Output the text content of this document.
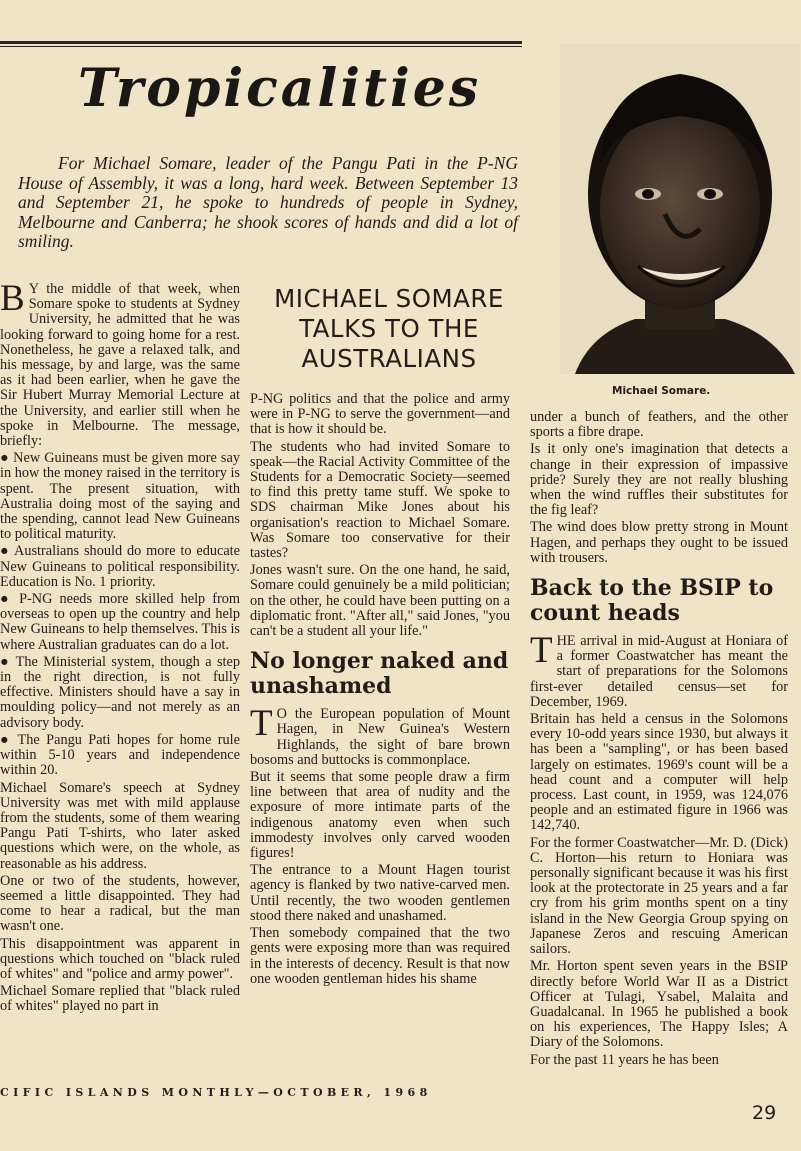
Tropicalities
For Michael Somare, leader of the Pangu Pati in the P-NG House of Assembly, it was a long, hard week. Between September 13 and September 21, he spoke to hundreds of people in Sydney, Melbourne and Canberra; he shook scores of hands and did a lot of smiling.
Michael Somare.

B Y the middle of that week, when Somare spoke to students at Sydney University, he admitted that he was looking forward to going home for a rest. Nonetheless, he gave a relaxed talk, and his message, by and large, was the same as it had been earlier, when he gave the Sir Hubert Murray Memorial Lecture at the University, and earlier still when he spoke in Melbourne. The message, briefly:

● New Guineans must be given more say in how the money raised in the territory is spent. The present situation, with Australia doing most of the saying and the spending, cannot lead New Guineans to political maturity.

● Australians should do more to educate New Guineans to political responsibility. Education is No. 1 priority.

● P-NG needs more skilled help from overseas to open up the country and help New Guineans to help themselves. This is where Australian graduates can do a lot.

● The Ministerial system, though a step in the right direction, is not fully effective. Ministers should have a say in moulding policy—and not merely as an advisory body.

● The Pangu Pati hopes for home rule within 5-10 years and independence within 20.

Michael Somare's speech at Sydney University was met with mild applause from the students, some of them wearing Pangu Pati T-shirts, who later asked questions which were, on the whole, as reasonable as his address.

One or two of the students, however, seemed a little disappointed. They had come to hear a radical, but the man wasn't one.

This disappointment was apparent in questions which touched on "black ruled of whites" and "police and army power".

Michael Somare replied that "black ruled of whites" played no part in

MICHAEL SOMARE TALKS TO THE AUSTRALIANS

P-NG politics and that the police and army were in P-NG to serve the government—and that is how it should be.

The students who had invited Somare to speak—the Racial Activity Committee of the Students for a Democratic Society—seemed to find this pretty tame stuff. We spoke to SDS chairman Mike Jones about his organisation's reaction to Michael Somare. Was Somare too conservative for their tastes?

Jones wasn't sure. On the one hand, he said, Somare could genuinely be a mild politician; on the other, he could have been putting on a diplomatic front. "After all," said Jones, "you can't be a student all your life."

No longer naked and unashamed

T O the European population of Mount Hagen, in New Guinea's Western Highlands, the sight of bare brown bosoms and buttocks is commonplace.

But it seems that some people draw a firm line between that area of nudity and the exposure of more intimate parts of the indigenous anatomy even when such immodesty involves only carved wooden figures!

The entrance to a Mount Hagen tourist agency is flanked by two native-carved men. Until recently, the two wooden gentlemen stood there naked and unashamed.

Then somebody compained that the two gents were exposing more than was required in the interests of decency. Result is that now one wooden gentleman hides his shame

under a bunch of feathers, and the other sports a fibre drape.

Is it only one's imagination that detects a change in their expression of impassive pride? Surely they are not really blushing when the wind ruffles their substitutes for the fig leaf?

The wind does blow pretty strong in Mount Hagen, and perhaps they ought to be issued with trousers.

Back to the BSIP to count heads

THE arrival in mid-August at Honiara of a former Coastwatcher has meant the start of preparations for the Solomons first-ever detailed census—set for December, 1969.

Britain has held a census in the Solomons every 10-odd years since 1930, but always it has been a "sampling", or has been based largely on estimates. 1969's count will be a head count and a computer will help process. Last count, in 1959, was 124,076 people and an estimated figure in 1966 was 142,740.

For the former Coastwatcher—Mr. D. (Dick) C. Horton—his return to Honiara was personally significant because it was his first look at the protectorate in 25 years and a far cry from his grim months spent on a tiny island in the New Georgia Group spying on Japanese Zeros and rescuing American sailors.

Mr. Horton spent seven years in the BSIP directly before World War II as a District Officer at Tulagi, Ysabel, Malaita and Guadalcanal. In 1965 he published a book on his experiences, The Happy Isles; A Diary of the Solomons.

For the past 11 years he has been

CIFIC ISLANDS MONTHLY—OCTOBER, 1968
29
